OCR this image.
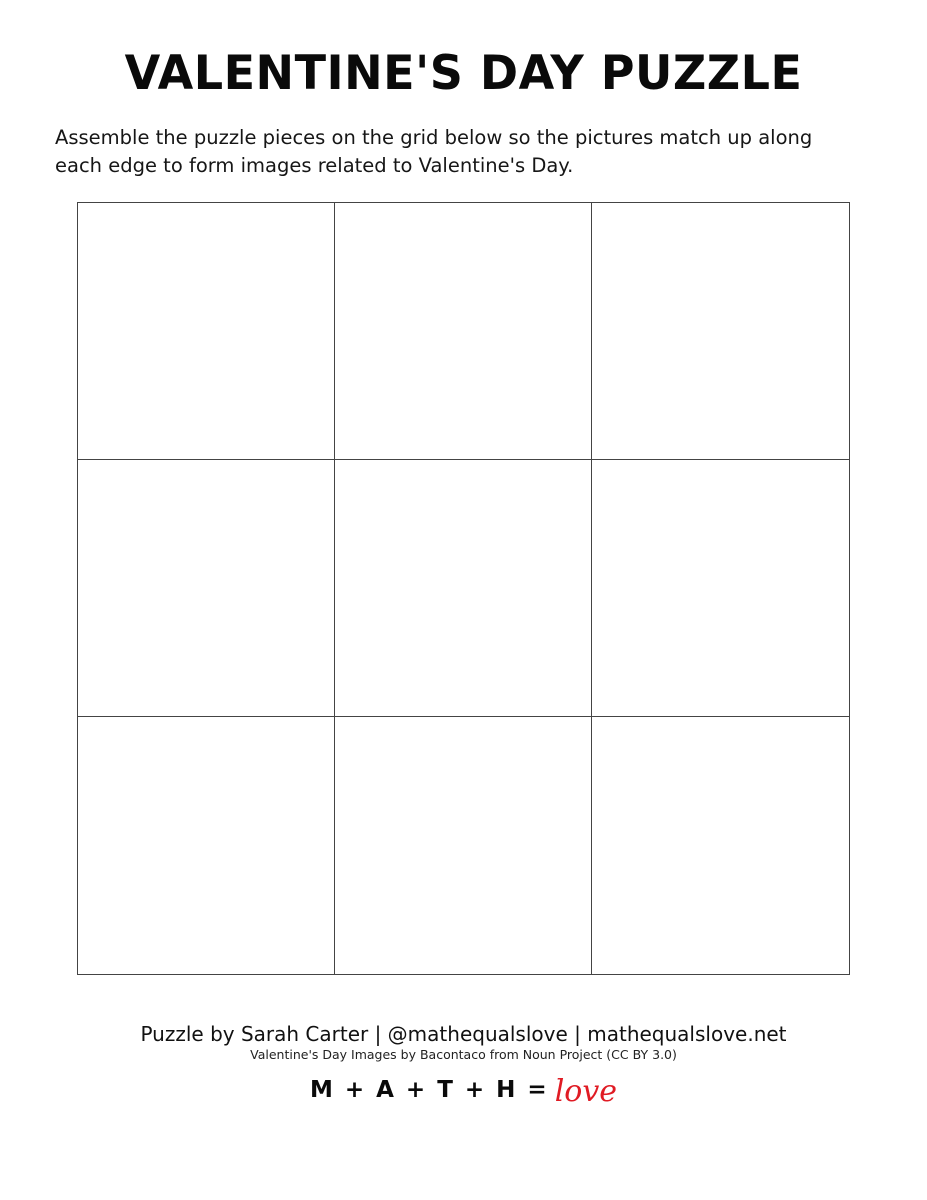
VALENTINE'S DAY PUZZLE
Assemble the puzzle pieces on the grid below so the pictures match up along
each edge to form images related to Valentine's Day.
Puzzle by Sarah Carter | @mathequalslove | mathequalslove.net
Valentine's Day Images by Bacontaco from Noun Project (CC BY 3.0)
M + A + T + H = love
